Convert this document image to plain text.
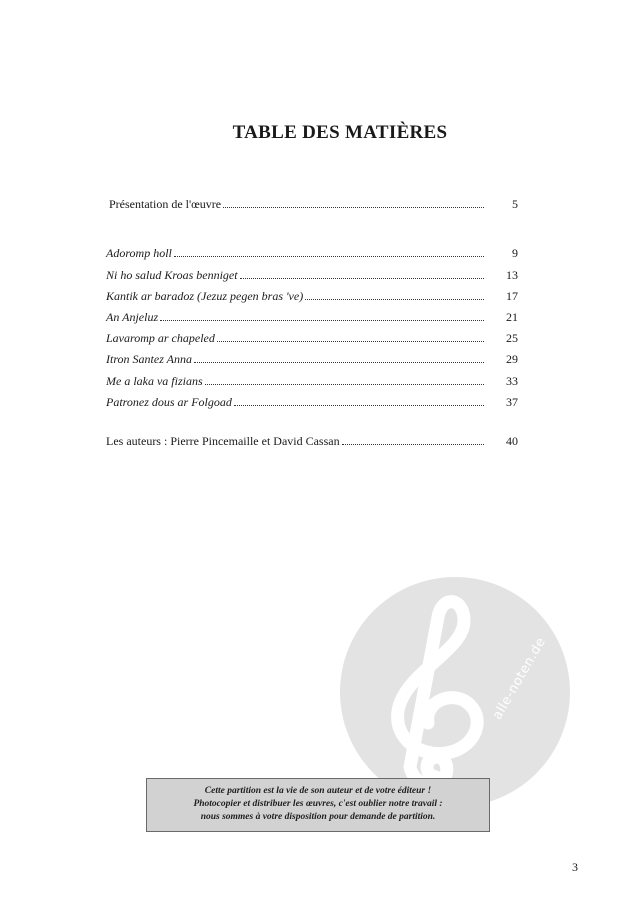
TABLE DES MATIÈRES
Présentation de l'œuvre	5
Adoromp holl	9
Ni ho salud Kroas benniget	13
Kantik ar baradoz (Jezuz pegen bras 've)	17
An Anjeluz	21
Lavaromp ar chapeled	25
Itron Santez Anna	29
Me a laka va fizians	33
Patronez dous ar Folgoad	37
Les auteurs : Pierre Pincemaille et David Cassan	40
alle-noten.de
Cette partition est la vie de son auteur et de votre éditeur !
Photocopier et distribuer les œuvres, c'est oublier notre travail :
nous sommes à votre disposition pour demande de partition.
3
